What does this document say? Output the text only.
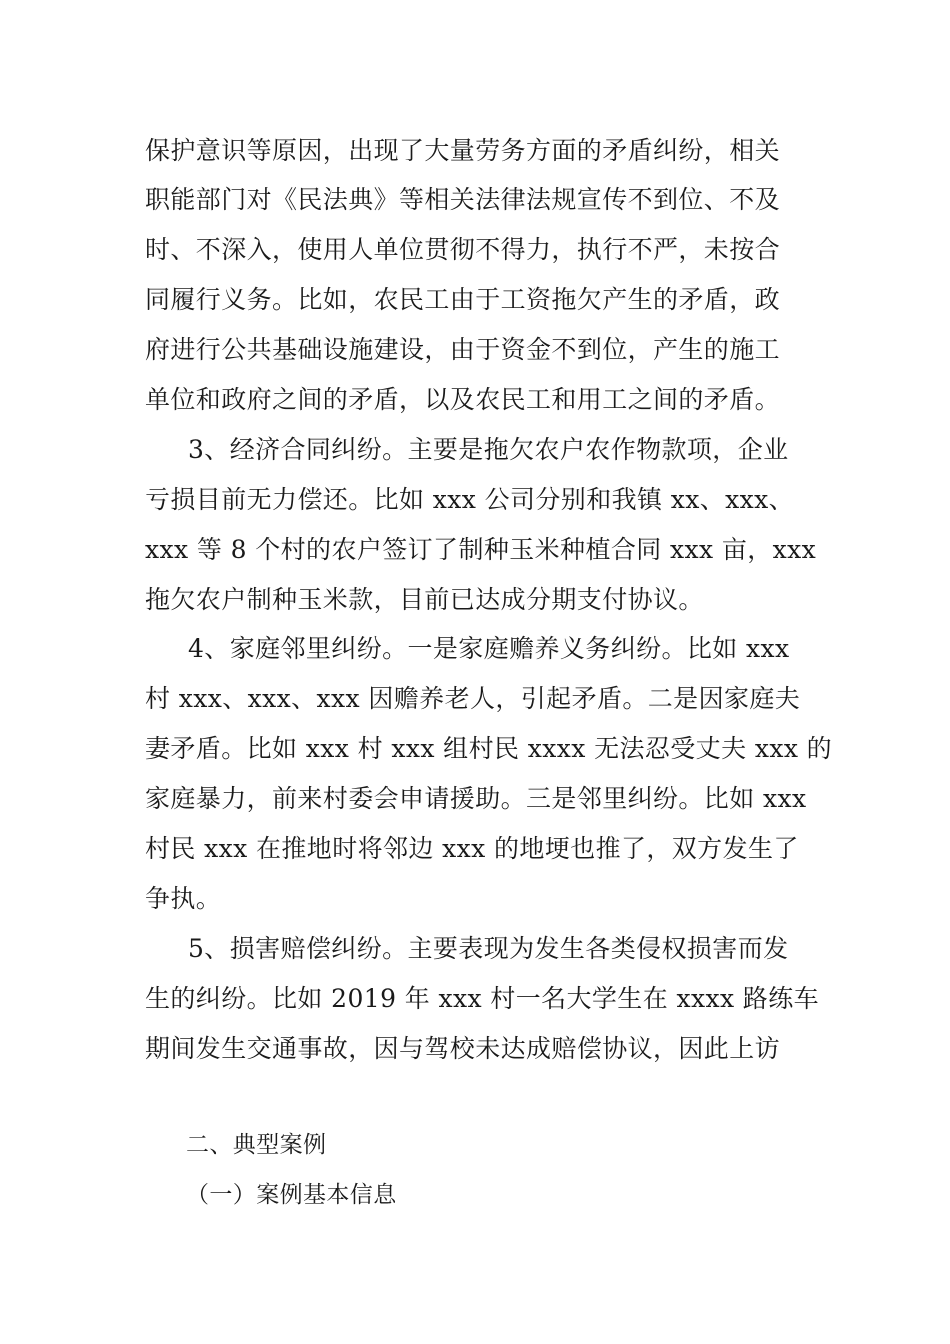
保护意识等原因，出现了大量劳务方面的矛盾纠纷，相关
职能部门对《民法典》等相关法律法规宣传不到位、不及
时、不深入，使用人单位贯彻不得力，执行不严，未按合
同履行义务。比如，农民工由于工资拖欠产生的矛盾，政
府进行公共基础设施建设，由于资金不到位，产生的施工
单位和政府之间的矛盾，以及农民工和用工之间的矛盾。
3、经济合同纠纷。主要是拖欠农户农作物款项，企业
亏损目前无力偿还。比如 xxx 公司分别和我镇 xx、xxx、
xxx 等 8 个村的农户签订了制种玉米种植合同 xxx 亩，xxx
拖欠农户制种玉米款，目前已达成分期支付协议。
4、家庭邻里纠纷。一是家庭赡养义务纠纷。比如 xxx
村 xxx、xxx、xxx 因赡养老人，引起矛盾。二是因家庭夫
妻矛盾。比如 xxx 村 xxx 组村民 xxxx 无法忍受丈夫 xxx 的
家庭暴力，前来村委会申请援助。三是邻里纠纷。比如 xxx
村民 xxx 在推地时将邻边 xxx 的地埂也推了，双方发生了
争执。
5、损害赔偿纠纷。主要表现为发生各类侵权损害而发
生的纠纷。比如 2019 年 xxx 村一名大学生在 xxxx 路练车
期间发生交通事故，因与驾校未达成赔偿协议，因此上访
二、典型案例
（一）案例基本信息
